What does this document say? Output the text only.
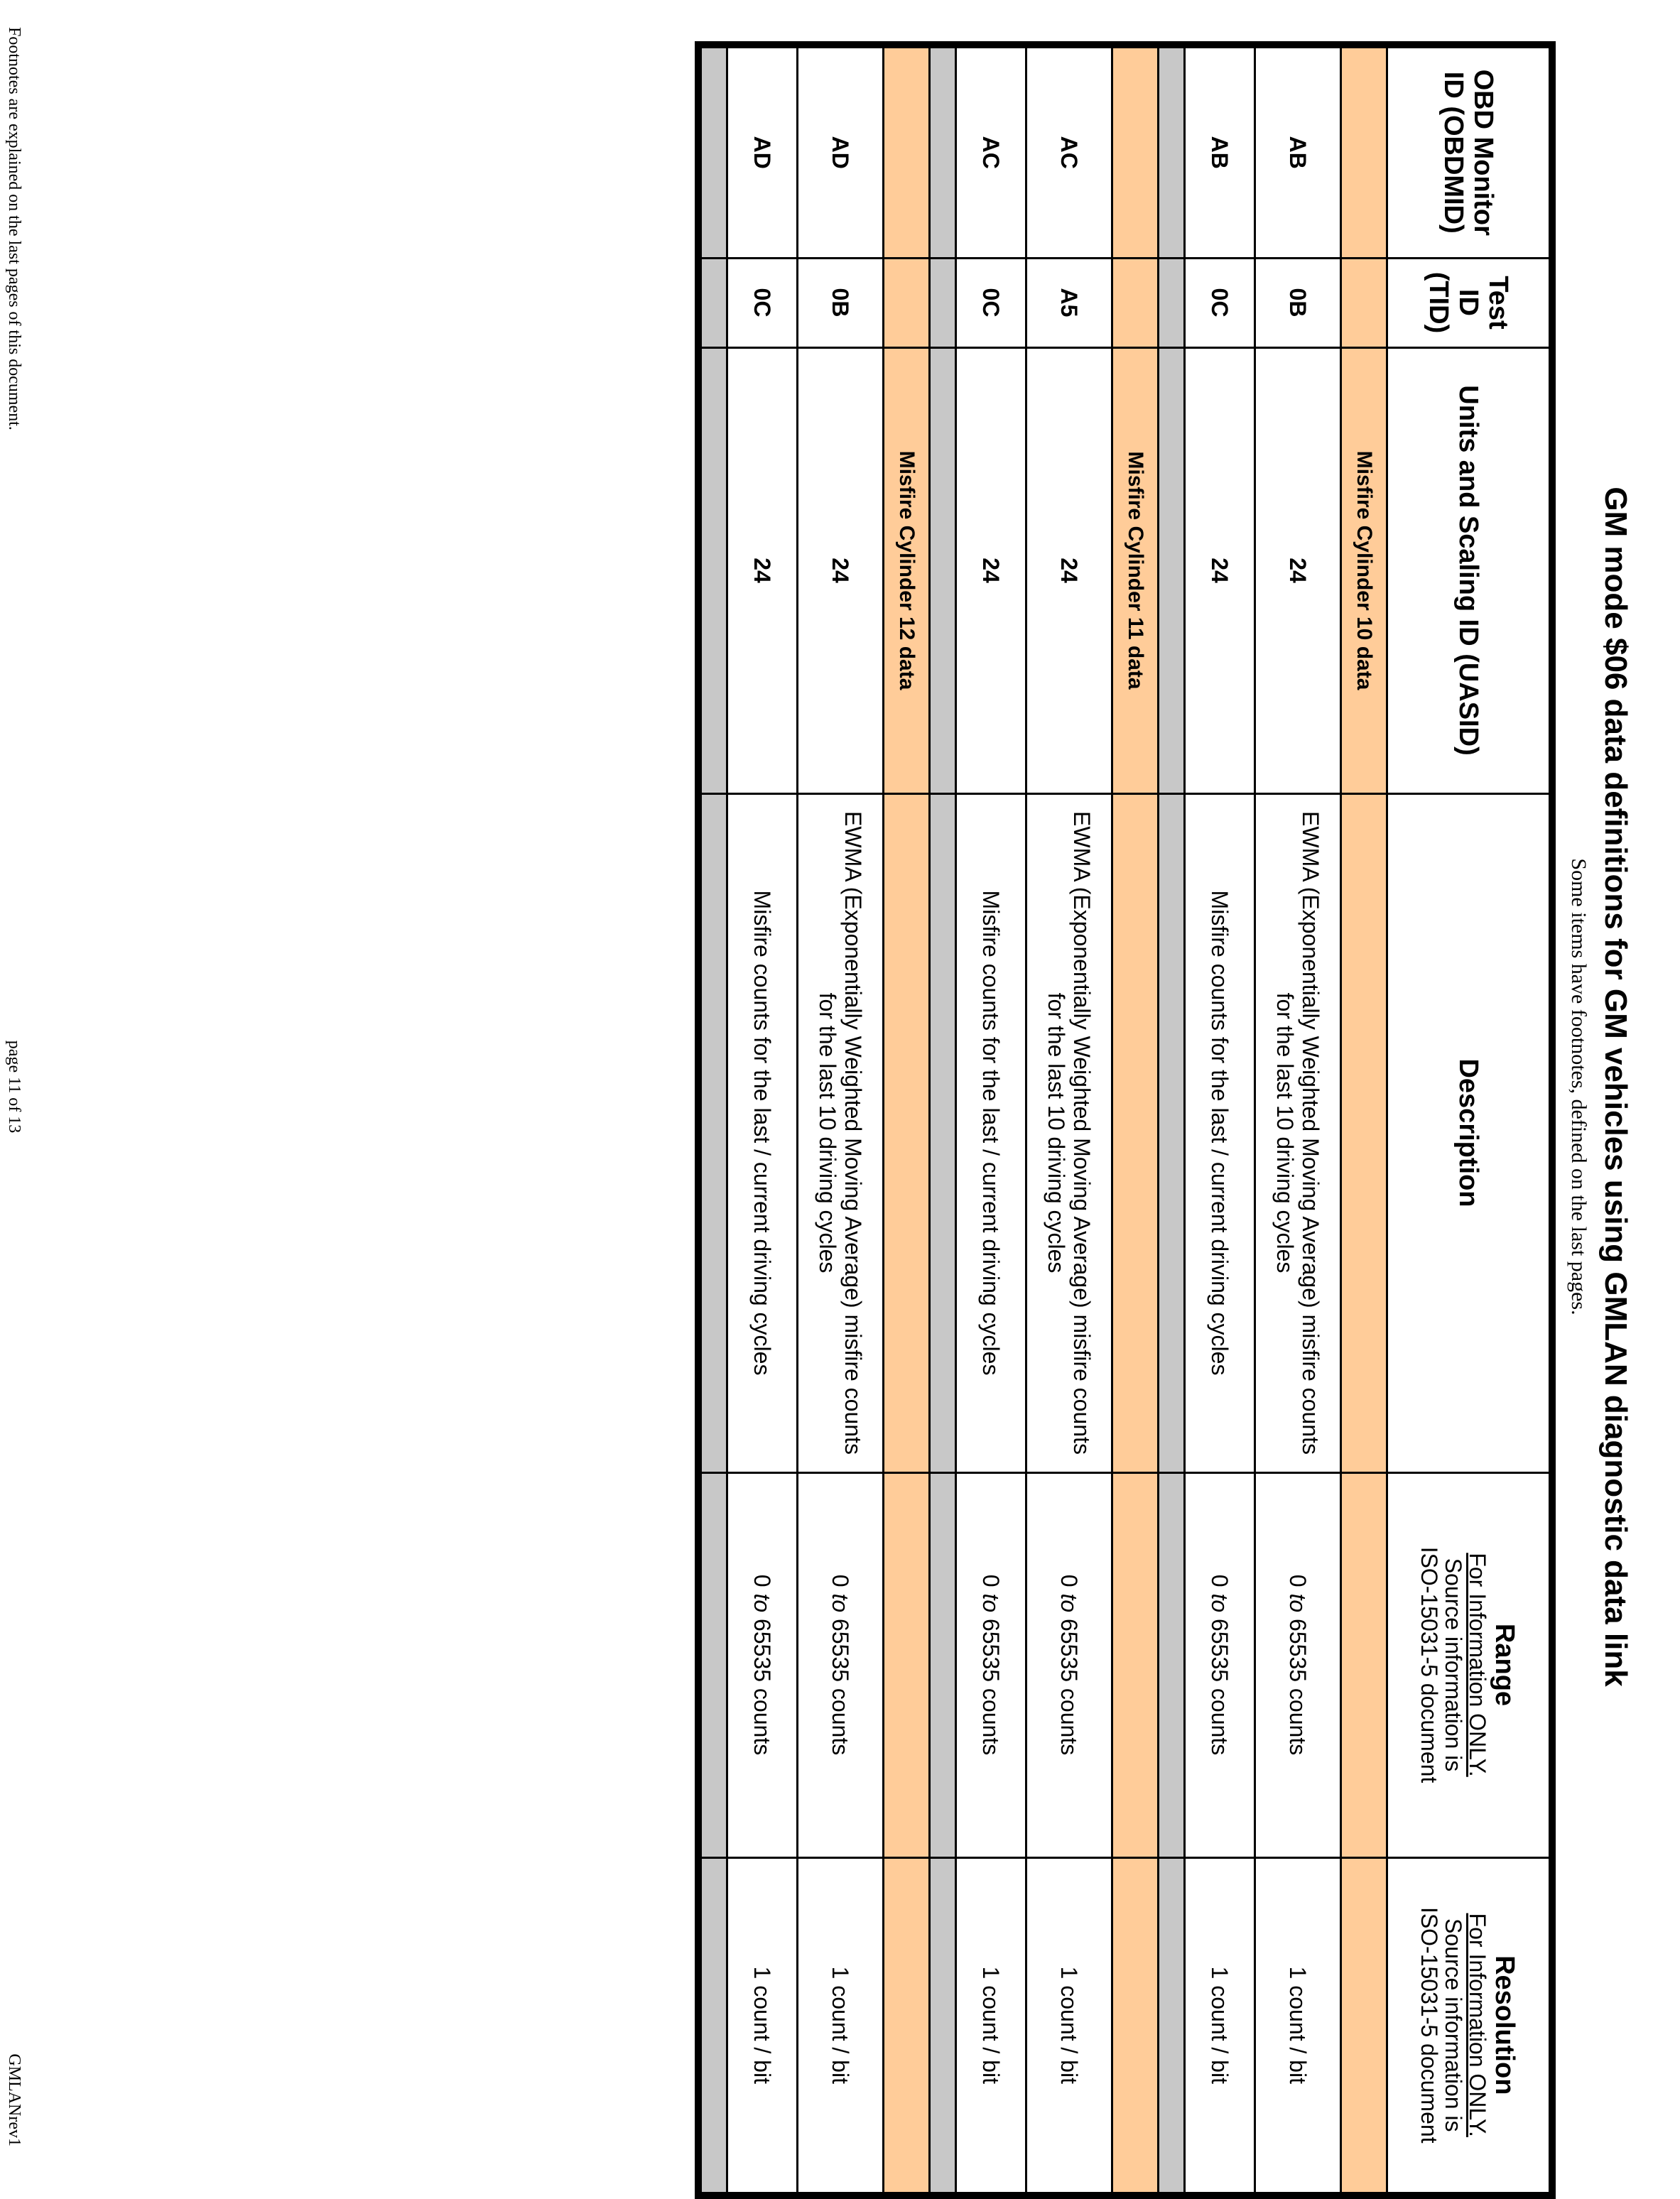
GM mode $06 data definitions for GM vehicles using GMLAN diagnostic data link
Some items have footnotes, defined on the last pages.
OBD Monitor ID (OBDMID)	Test ID (TID)	Units and Scaling ID (UASID)	Description	Range
For Information ONLY.
Source information is
ISO-15031-5 document	Resolution
For Information ONLY.
Source information is
ISO-15031-5 document

		Misfire Cylinder 10 data			
AB	0B	24	EWMA (Exponentially Weighted Moving Average) misfire counts for the last 10 driving cycles	0 to 65535 counts	1 count / bit
AB	0C	24	Misfire counts for the last / current driving cycles	0 to 65535 counts	1 count / bit

		Misfire Cylinder 11 data			
AC	A5	24	EWMA (Exponentially Weighted Moving Average) misfire counts for the last 10 driving cycles	0 to 65535 counts	1 count / bit
AC	0C	24	Misfire counts for the last / current driving cycles	0 to 65535 counts	1 count / bit

		Misfire Cylinder 12 data			
AD	0B	24	EWMA (Exponentially Weighted Moving Average) misfire counts for the last 10 driving cycles	0 to 65535 counts	1 count / bit
AD	0C	24	Misfire counts for the last / current driving cycles	0 to 65535 counts	1 count / bit

Footnotes are explained on the last pages of this document.
page 11 of 13
GMLANrev1
